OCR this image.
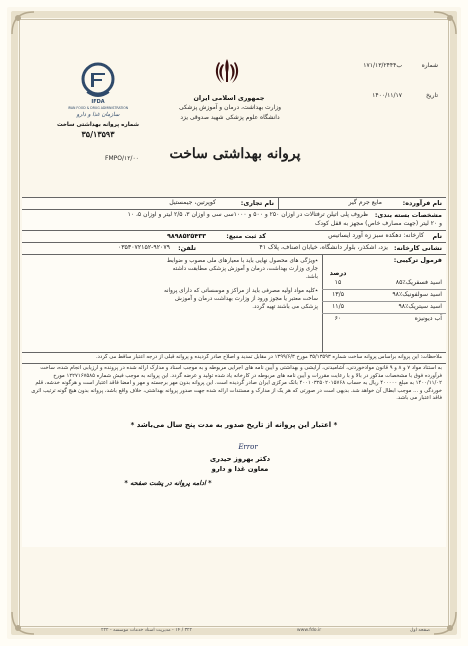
جمهوری اسلامی ایران
وزارت بهداشت، درمان و آموزش پزشکی
دانشگاه علوم پزشکی شهید صدوقی یزد
۱۷۱/۱۳/۲۴۴۴ب	شماره
۱۴۰۰/۱۱/۱۷	تاریخ
پروانه بهداشتی ساخت
FMPO/۱۲/۰۰
IFDA
IRAN FOOD & DRUG ADMINISTRATION
سازمان غذا و دارو
شماره پروانه بهداشتی ساخت
۳۵/۱۳۵۹۳
نام فرآورده:
مایع جرم گیر
نام تجاری:
کوپرتین، جیمستیل
مشخصات بسته بندی:
ظروف پلی اتیلن ترفتالات در اوزان ۲۵۰ و ۵۰۰ و ۱۰۰۰سی سی و اوزان ۳، ۲/۵ لیتر و اوزان ۵، ۱۰
و ۲۰ لیتر (جهت مصارف خاص) مجهز به قفل کودک
نام
کارخانه: دهکده سبز زه آورد ایساتیس
کد ثبت منبع:
۹۸۹۸۵۲۵۴۳۳
نشانی کارخانه:
یزد، اشکذر، بلوار دانشگاه، خیابان اصناف، پلاک ۴۱
تلفن:
۰۳۵۳۰۷۲۱۵۲-۹۲۰۷۹
فرمول ترکیبی:
درصد
اسید فسفریک٪۸۵
۱۵
اسید سولفونیک٪۹۸
۱۳/۵
اسید سیتریک٪۹۸
۱۱/۵
آب دیونیزه
۶۰
٭ویژگی های محصول نهایی باید با معیارهای ملی مصوب و ضوابط جاری وزارت بهداشت، درمان و آموزش پزشکی مطابقت داشته باشد.
٭کلیه مواد اولیه مصرفی باید از مراکز و موسساتی که دارای پروانه ساخت معتبر یا مجوز ورود از وزارت بهداشت درمان و آموزش پزشکی می باشند تهیه گردد.
ملاحظات: این پروانه براساس پروانه ساخت شماره ۳۵/۱۳۵۹۳ مورخ ۱۳۹۹/۶/۳ در مقابل تمدید و اصلاح صادر گردیده و پروانه قبلی از درجه اعتبار ساقط می گردد.
به استناد مواد ۷ و ۸ و ۹ قانون موادخوردنی، آشامیدنی، آرایشی و بهداشتی و آیین نامه های اجرایی مربوطه و به موجب اسناد و مدارک ارائه شده در پرونده و ارزیابی انجام شده، ساخت فرآورده فوق با مشخصات مذکور در بالا و با رعایت مقررات و آیین نامه های مربوطه در کارخانه یاد شده تولید و عرضه گردد. این پروانه به موجب فیش شماره ۱۲۲۷۱۶۷۵۸۵ مورخ ۱۴۰۰/۱۱/۰۲ به مبلغ ۴۰۰۰۰۰ ریال به حساب ۴۰۰۱۰۳۲۵۰۲۰۱۵۷۶۸ بانک مرکزی ایران صادر گردیده است. این پروانه بدون مهر برجسته و مهر و امضا فاقد اعتبار است و هرگونه خدشه، قلم خوردگی و ... موجب ابطال آن خواهد شد. بدیهی است در صورتی که هر یک از مدارک و مستندات ارائه شده جهت صدور پروانه بهداشتی، خلاف واقع باشد، پروانه بدون هیچ گونه ترتیب اثری فاقد اعتبار می باشد.
* اعتبار این پروانه از تاریخ صدور به مدت پنج سال می‌باشد *
Error
دکتر بهروز حیدری
معاون غذا و دارو
* ادامه پروانه در پشت صفحه *
۳۲۲ / ۱۴ - مدیریت اسناد خدمات موسسه - ۲۲۲	www.fdo.ir	صفحه اول
